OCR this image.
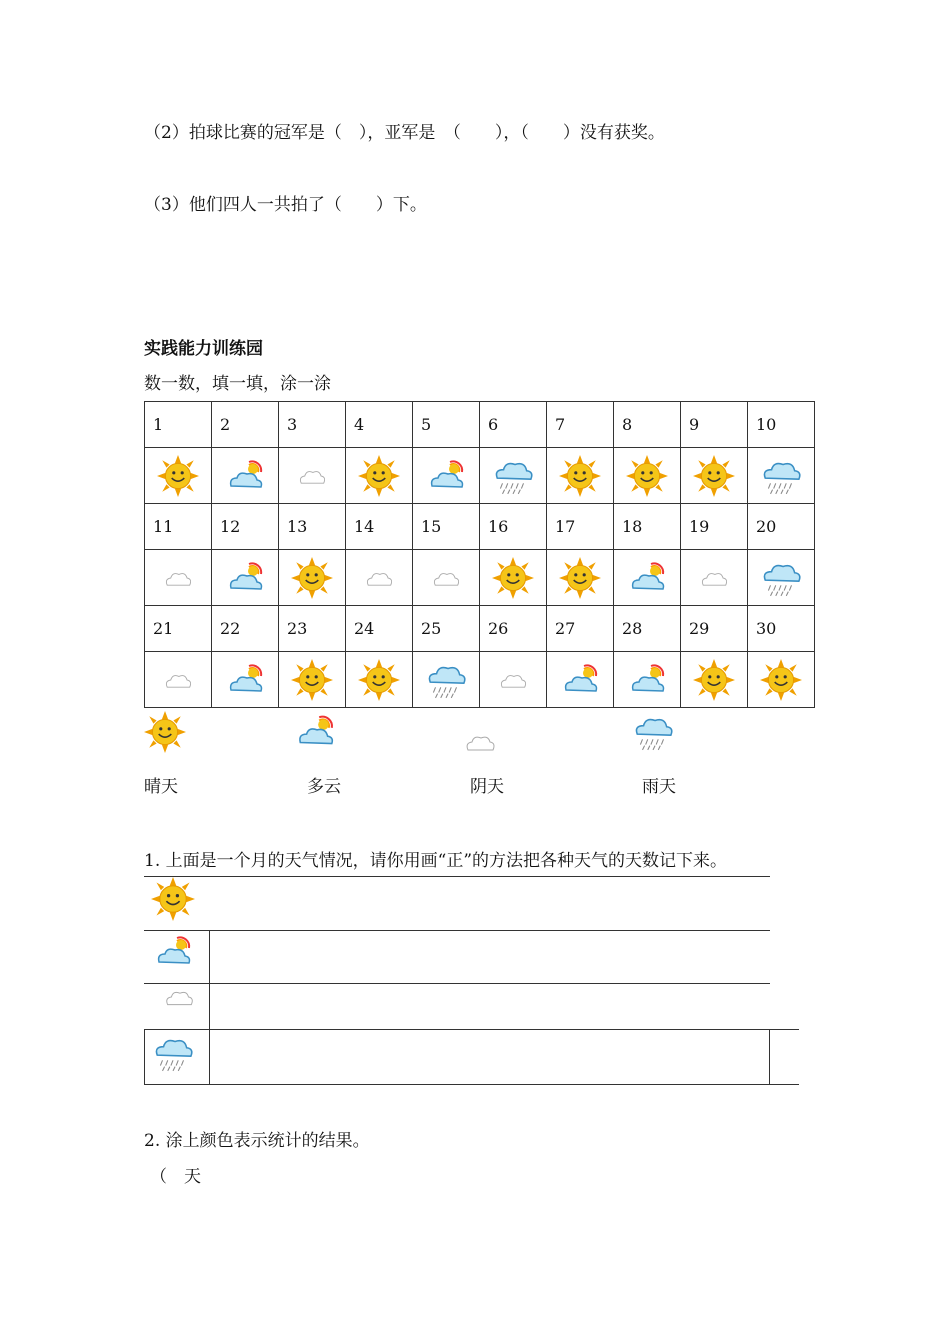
（2）拍球比赛的冠军是（　），亚军是　（　　），（　　）没有获奖。
（3）他们四人一共拍了（　　）下。
实践能力训练园
数一数，填一填，涂一涂
1	2	3	4	5	6	7	8	9	10

11	12	13	14	15	16	17	18	19	20

21	22	23	24	25	26	27	28	29	30

晴天	多云	阴天	雨天
1. 上面是一个月的天气情况，请你用画“正”的方法把各种天气的天数记下来。
2. 涂上颜色表示统计的结果。
（　天
